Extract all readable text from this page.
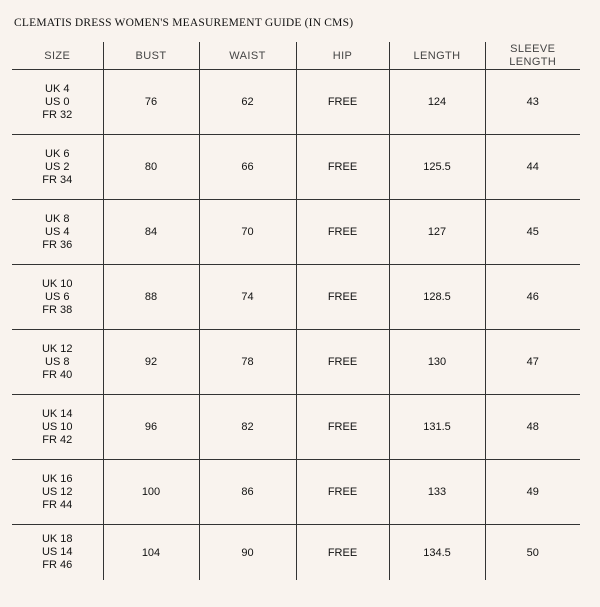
CLEMATIS DRESS WOMEN'S MEASUREMENT GUIDE (IN CMS)
SIZE	BUST	WAIST	HIP	LENGTH	SLEEVE
LENGTH

UK 4
US 0
FR 32	76	62	FREE	124	43

UK 6
US 2
FR 34	80	66	FREE	125.5	44

UK 8
US 4
FR 36	84	70	FREE	127	45

UK 10
US 6
FR 38	88	74	FREE	128.5	46

UK 12
US 8
FR 40	92	78	FREE	130	47

UK 14
US 10
FR 42	96	82	FREE	131.5	48

UK 16
US 12
FR 44	100	86	FREE	133	49

UK 18
US 14
FR 46	104	90	FREE	134.5	50
